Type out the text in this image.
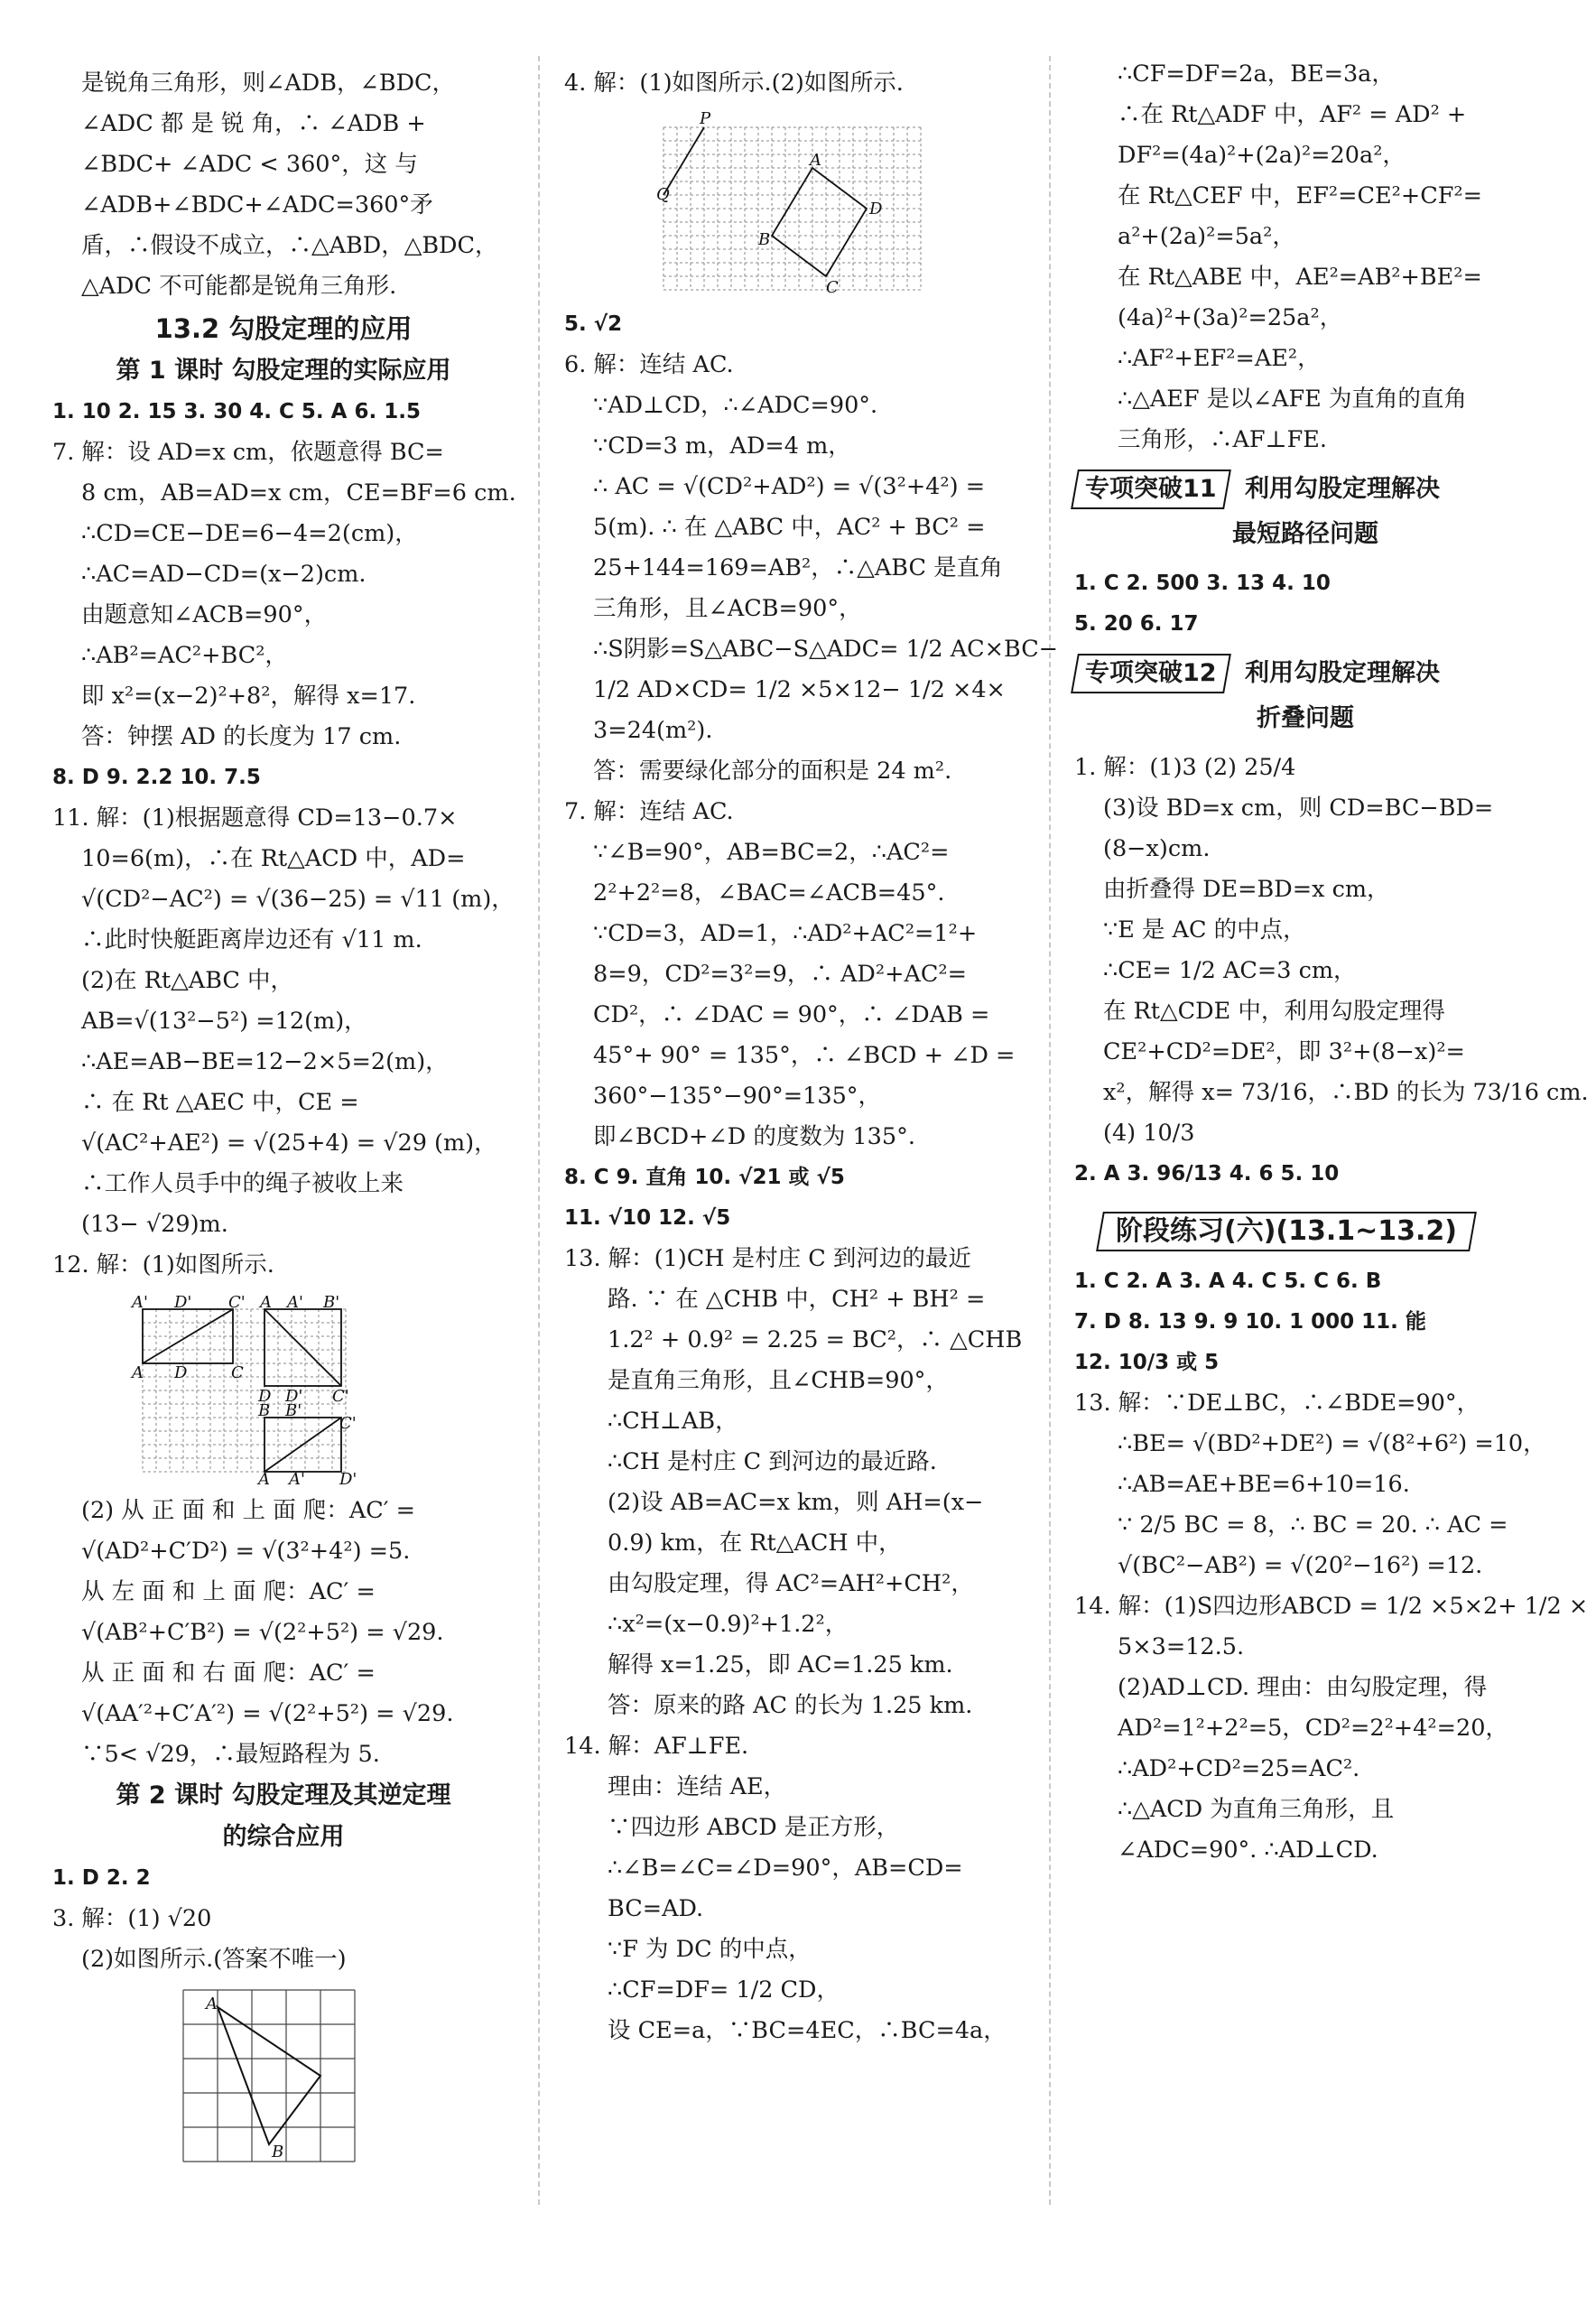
是锐角三角形，则∠ADB，∠BDC，
∠ADC 都 是 锐 角，∴ ∠ADB +
∠BDC+ ∠ADC < 360°，这 与
∠ADB+∠BDC+∠ADC=360°矛
盾，∴假设不成立，∴△ABD，△BDC，
△ADC 不可能都是锐角三角形.
13.2 勾股定理的应用
第 1 课时 勾股定理的实际应用
1. 10 2. 15 3. 30 4. C 5. A 6. 1.5
7. 解：设 AD=x cm，依题意得 BC=
8 cm，AB=AD=x cm，CE=BF=6 cm.
∴CD=CE−DE=6−4=2(cm)，
∴AC=AD−CD=(x−2)cm.
由题意知∠ACB=90°，
∴AB²=AC²+BC²，
即 x²=(x−2)²+8²，解得 x=17.
答：钟摆 AD 的长度为 17 cm.
8. D 9. 2.2 10. 7.5
11. 解：(1)根据题意得 CD=13−0.7×
10=6(m)，∴在 Rt△ACD 中，AD=
√(CD²−AC²) = √(36−25) = √11 (m)，
∴此时快艇距离岸边还有 √11 m.
(2)在 Rt△ABC 中，
AB=√(13²−5²) =12(m)，
∴AE=AB−BE=12−2×5=2(m)，
∴ 在 Rt △AEC 中，CE =
√(AC²+AE²) = √(25+4) = √29 (m)，
∴工作人员手中的绳子被收上来
(13− √29)m.
12. 解：(1)如图所示.
A' D' C'
A D	C
A A' B'
D D' C'
B B'
C'
A A' D'
(2) 从 正 面 和 上 面 爬：AC′ =
√(AD²+C′D²) = √(3²+4²) =5.
从 左 面 和 上 面 爬：AC′ =
√(AB²+C′B²) = √(2²+5²) = √29.
从 正 面 和 右 面 爬：AC′ =
√(AA′²+C′A′²) = √(2²+5²) = √29.
∵5< √29，∴最短路程为 5.
第 2 课时 勾股定理及其逆定理
的综合应用
1. D 2. 2
3. 解：(1) √20
(2)如图所示.(答案不唯一)
A
B
4. 解：(1)如图所示.(2)如图所示.
P
Q
A
D
B
C
5. √2
6. 解：连结 AC.
∵AD⊥CD，∴∠ADC=90°.
∵CD=3 m，AD=4 m，
∴ AC = √(CD²+AD²) = √(3²+4²) =
5(m). ∴ 在 △ABC 中，AC² + BC² =
25+144=169=AB²，∴△ABC 是直角
三角形，且∠ACB=90°，
∴S阴影=S△ABC−S△ADC= 1/2 AC×BC−
1/2 AD×CD= 1/2 ×5×12− 1/2 ×4×
3=24(m²).
答：需要绿化部分的面积是 24 m².
7. 解：连结 AC.
∵∠B=90°，AB=BC=2，∴AC²=
2²+2²=8，∠BAC=∠ACB=45°.
∵CD=3，AD=1，∴AD²+AC²=1²+
8=9，CD²=3²=9，∴ AD²+AC²=
CD²，∴ ∠DAC = 90°，∴ ∠DAB =
45°+ 90° = 135°，∴ ∠BCD + ∠D =
360°−135°−90°=135°，
即∠BCD+∠D 的度数为 135°.
8. C 9. 直角 10. √21 或 √5
11. √10 12. √5
13. 解：(1)CH 是村庄 C 到河边的最近
路. ∵ 在 △CHB 中，CH² + BH² =
1.2² + 0.9² = 2.25 = BC²，∴ △CHB
是直角三角形，且∠CHB=90°，
∴CH⊥AB，
∴CH 是村庄 C 到河边的最近路.
(2)设 AB=AC=x km，则 AH=(x−
0.9) km，在 Rt△ACH 中，
由勾股定理，得 AC²=AH²+CH²，
∴x²=(x−0.9)²+1.2²，
解得 x=1.25，即 AC=1.25 km.
答：原来的路 AC 的长为 1.25 km.
14. 解：AF⊥FE.
理由：连结 AE，
∵四边形 ABCD 是正方形，
∴∠B=∠C=∠D=90°，AB=CD=
BC=AD.
∵F 为 DC 的中点，
∴CF=DF= 1/2 CD，
设 CE=a，∵BC=4EC，∴BC=4a，
∴CF=DF=2a，BE=3a，
∴在 Rt△ADF 中，AF² = AD² +
DF²=(4a)²+(2a)²=20a²，
在 Rt△CEF 中，EF²=CE²+CF²=
a²+(2a)²=5a²，
在 Rt△ABE 中，AE²=AB²+BE²=
(4a)²+(3a)²=25a²，
∴AF²+EF²=AE²，
∴△AEF 是以∠AFE 为直角的直角
三角形，∴AF⊥FE.
专项突破11 利用勾股定理解决
最短路径问题
1. C 2. 500 3. 13 4. 10
5. 20 6. 17
专项突破12 利用勾股定理解决
折叠问题
1. 解：(1)3 (2) 25/4
(3)设 BD=x cm，则 CD=BC−BD=
(8−x)cm.
由折叠得 DE=BD=x cm，
∵E 是 AC 的中点，
∴CE= 1/2 AC=3 cm，
在 Rt△CDE 中，利用勾股定理得
CE²+CD²=DE²，即 3²+(8−x)²=
x²，解得 x= 73/16，∴BD 的长为 73/16 cm.
(4) 10/3
2. A 3. 96/13 4. 6 5. 10
阶段练习(六)(13.1~13.2)
1. C 2. A 3. A 4. C 5. C 6. B
7. D 8. 13 9. 9 10. 1 000 11. 能
12. 10/3 或 5
13. 解：∵DE⊥BC，∴∠BDE=90°，
∴BE= √(BD²+DE²) = √(8²+6²) =10，
∴AB=AE+BE=6+10=16.
∵ 2/5 BC = 8，∴ BC = 20. ∴ AC =
√(BC²−AB²) = √(20²−16²) =12.
14. 解：(1)S四边形ABCD = 1/2 ×5×2+ 1/2 ×
5×3=12.5.
(2)AD⊥CD. 理由：由勾股定理，得
AD²=1²+2²=5，CD²=2²+4²=20，
∴AD²+CD²=25=AC².
∴△ACD 为直角三角形，且
∠ADC=90°. ∴AD⊥CD.
